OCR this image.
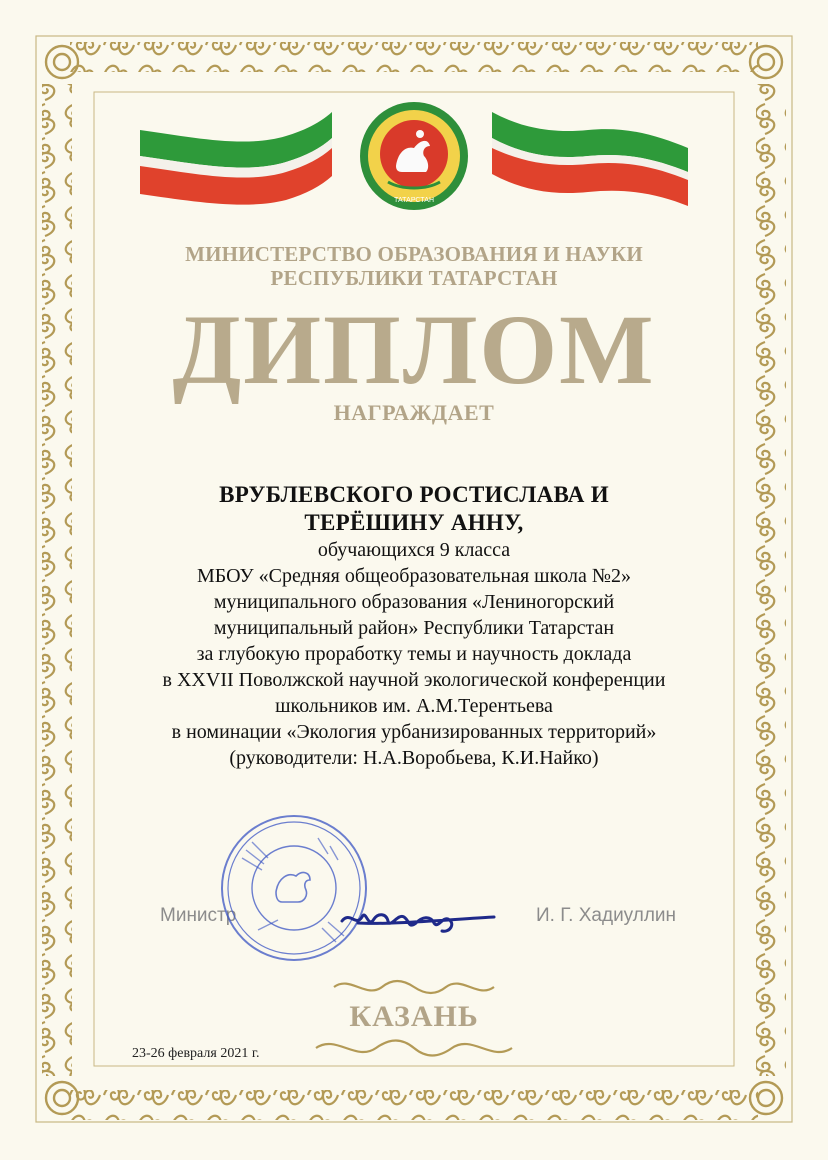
ТАТАРСТАН
МИНИСТЕРСТВО ОБРАЗОВАНИЯ И НАУКИ
РЕСПУБЛИКИ ТАТАРСТАН
ДИПЛОМ
НАГРАЖДАЕТ
ВРУБЛЕВСКОГО РОСТИСЛАВА И
ТЕРЁШИНУ АННУ,
обучающихся 9 класса
МБОУ «Средняя общеобразовательная школа №2»
муниципального образования «Лениногорский
муниципальный район» Республики Татарстан
за глубокую проработку темы и научность доклада
в XXVII Поволжской научной экологической конференции
школьников им. А.М.Терентьева
в номинации «Экология урбанизированных территорий»
(руководители: Н.А.Воробьева, К.И.Найко)
Министр	И. Г. Хадиуллин
КАЗАНЬ
23-26 февраля 2021 г.
